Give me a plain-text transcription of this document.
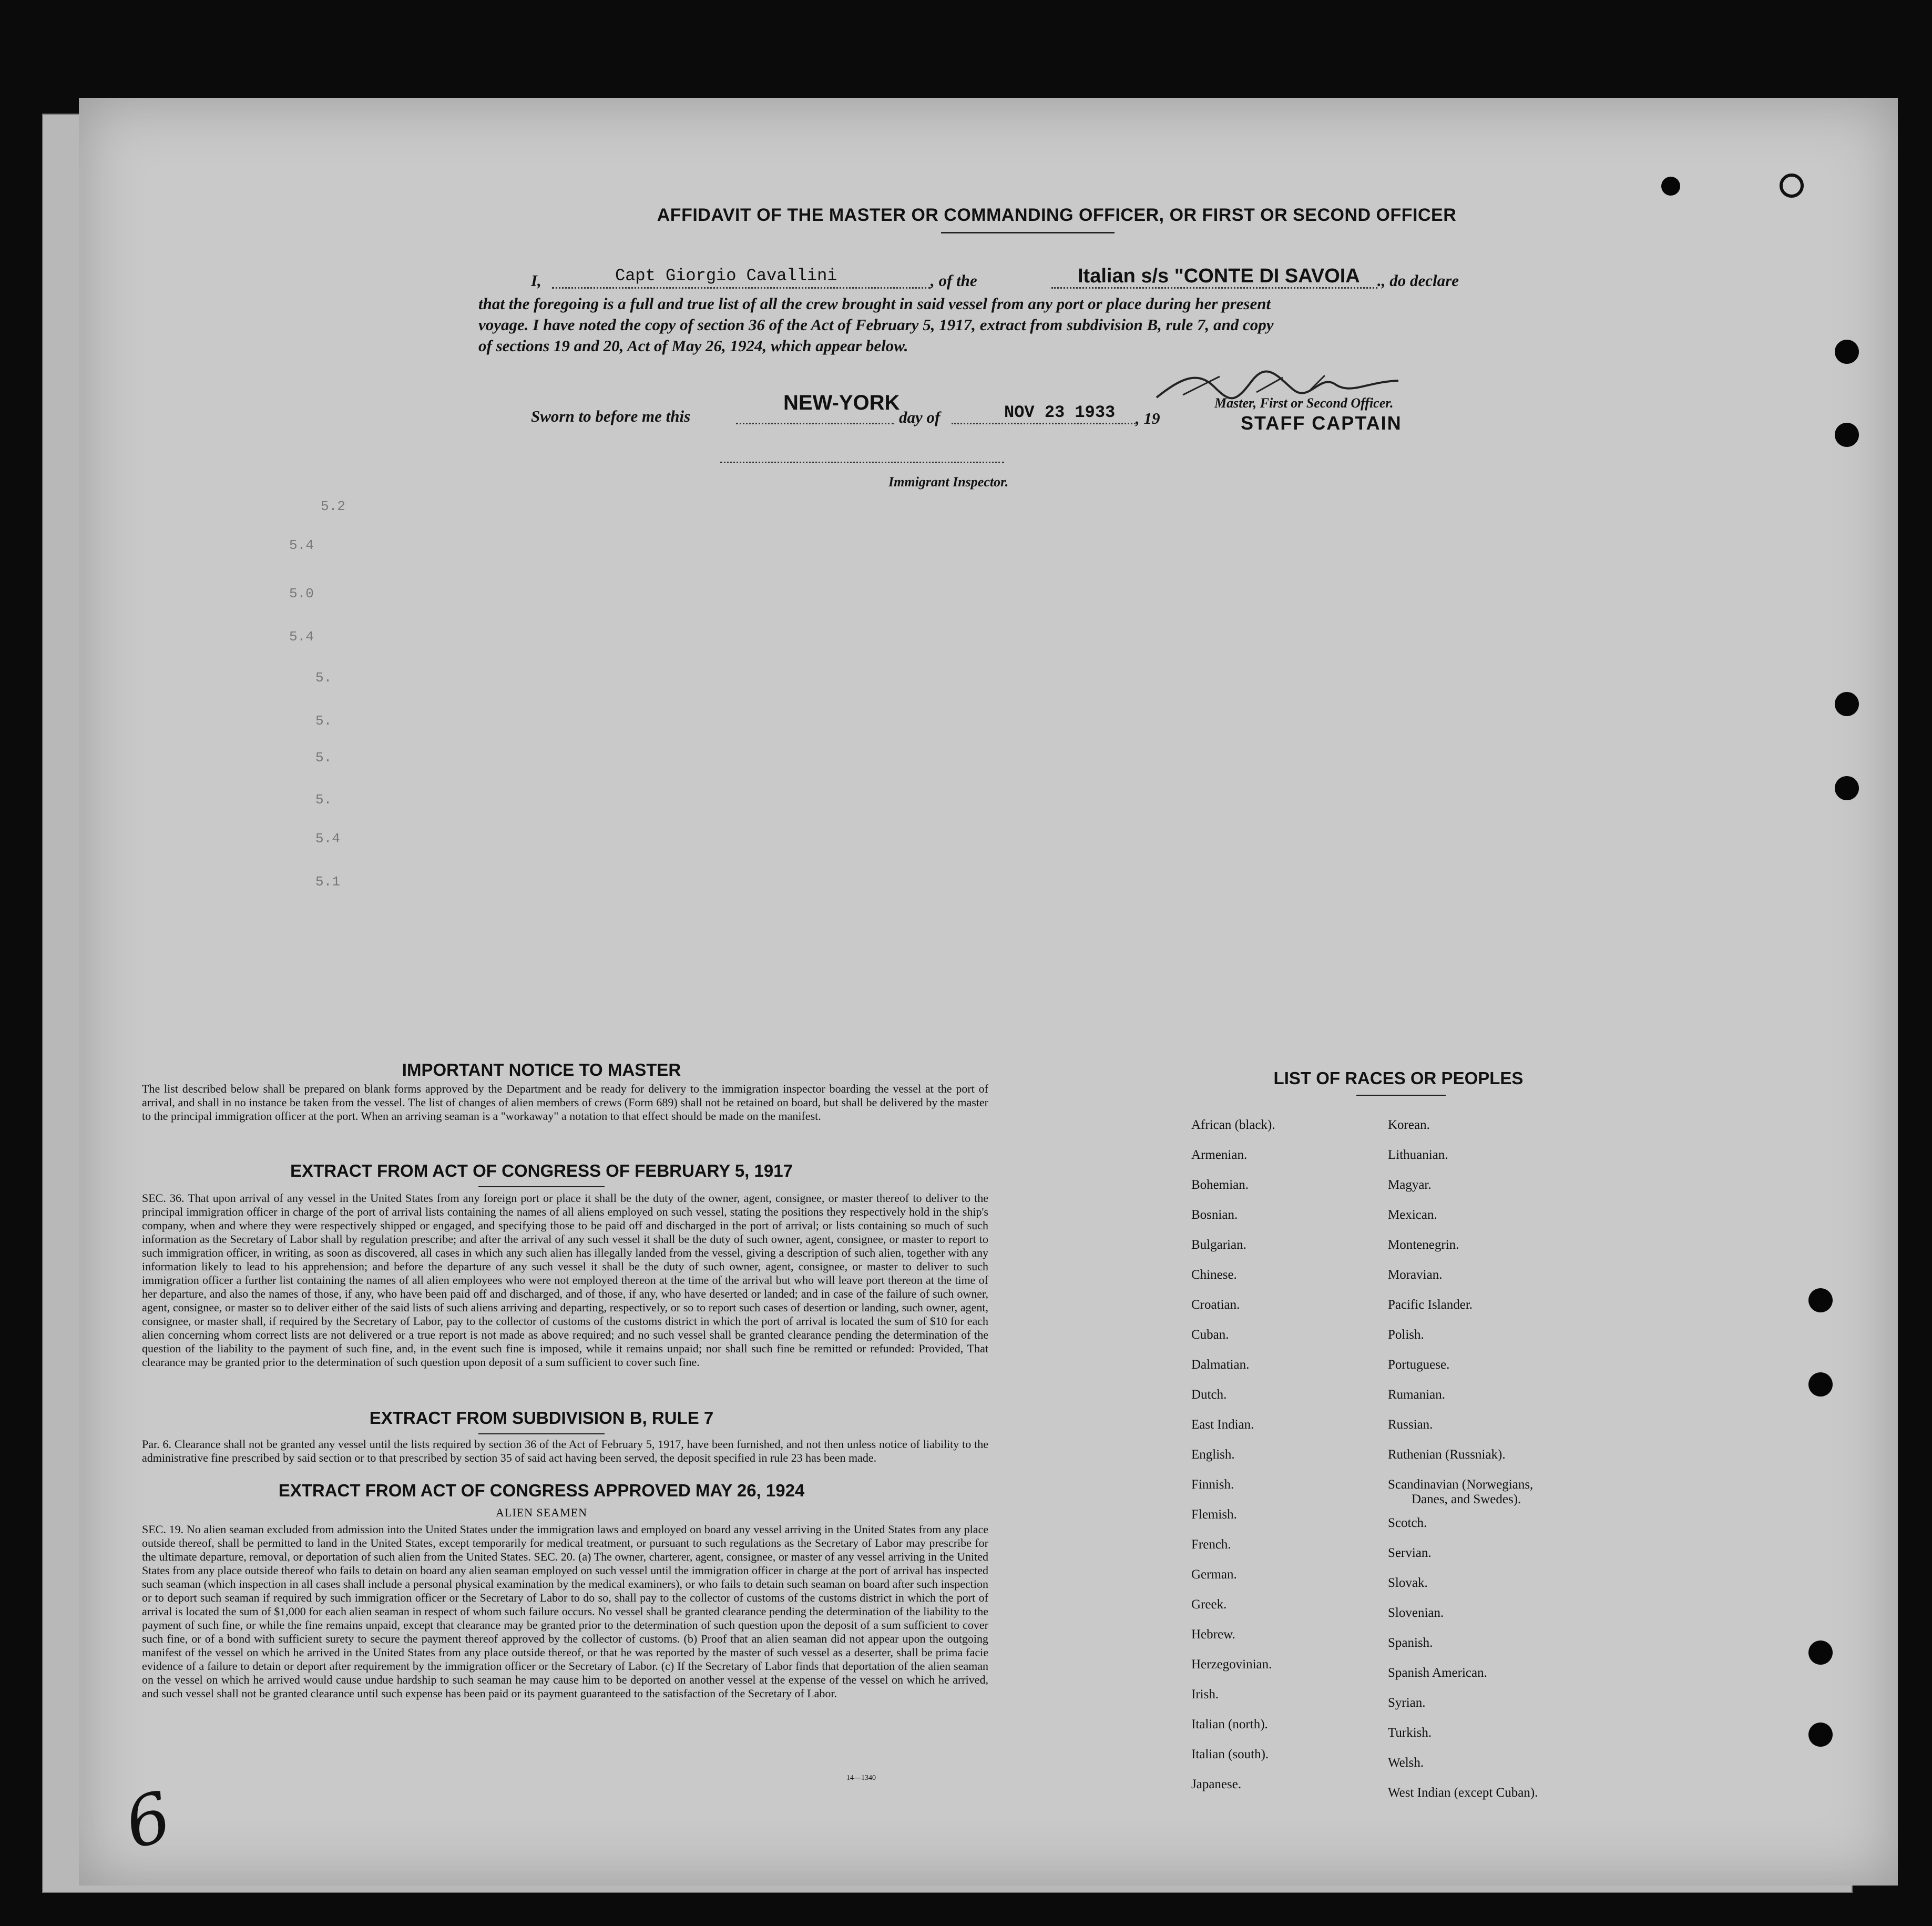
AFFIDAVIT OF THE MASTER OR COMMANDING OFFICER, OR FIRST OR SECOND OFFICER
I,	Capt Giorgio Cavallini	, of the	Italian s/s "CONTE DI SAVOIA ., do declare
that the foregoing is a full and true list of all the crew brought in said vessel from any port or place during her present
voyage. I have noted the copy of section 36 of the Act of February 5, 1917, extract from subdivision B, rule 7, and copy
of sections 19 and 20, Act of May 26, 1924, which appear below.
Sworn to before me this
NEW-YORK
day of	NOV 23 1933 , 19
Master, First or Second Officer.
STAFF CAPTAIN
Immigrant Inspector.
5.2
5.4
5.0
5.4
5.
5.
5.
5.
5.4
5.1
IMPORTANT NOTICE TO MASTER
The list described below shall be prepared on blank forms approved by the Department and be ready for delivery to the immigration inspector boarding the vessel at the port of arrival, and shall in no instance be taken from the vessel. The list of changes of alien members of crews (Form 689) shall not be retained on board, but shall be delivered by the master to the principal immigration officer at the port. When an arriving seaman is a "workaway" a notation to that effect should be made on the manifest.
EXTRACT FROM ACT OF CONGRESS OF FEBRUARY 5, 1917
SEC. 36. That upon arrival of any vessel in the United States from any foreign port or place it shall be the duty of the owner, agent, consignee, or master thereof to deliver to the principal immigration officer in charge of the port of arrival lists containing the names of all aliens employed on such vessel, stating the positions they respectively hold in the ship's company, when and where they were respectively shipped or engaged, and specifying those to be paid off and discharged in the port of arrival; or lists containing so much of such information as the Secretary of Labor shall by regulation prescribe; and after the arrival of any such vessel it shall be the duty of such owner, agent, consignee, or master to report to such immigration officer, in writing, as soon as discovered, all cases in which any such alien has illegally landed from the vessel, giving a description of such alien, together with any information likely to lead to his apprehension; and before the departure of any such vessel it shall be the duty of such owner, agent, consignee, or master to deliver to such immigration officer a further list containing the names of all alien employees who were not employed thereon at the time of the arrival but who will leave port thereon at the time of her departure, and also the names of those, if any, who have been paid off and discharged, and of those, if any, who have deserted or landed; and in case of the failure of such owner, agent, consignee, or master so to deliver either of the said lists of such aliens arriving and departing, respectively, or so to report such cases of desertion or landing, such owner, agent, consignee, or master shall, if required by the Secretary of Labor, pay to the collector of customs of the customs district in which the port of arrival is located the sum of $10 for each alien concerning whom correct lists are not delivered or a true report is not made as above required; and no such vessel shall be granted clearance pending the determination of the question of the liability to the payment of such fine, and, in the event such fine is imposed, while it remains unpaid; nor shall such fine be remitted or refunded: Provided, That clearance may be granted prior to the determination of such question upon deposit of a sum sufficient to cover such fine.
EXTRACT FROM SUBDIVISION B, RULE 7
Par. 6. Clearance shall not be granted any vessel until the lists required by section 36 of the Act of February 5, 1917, have been furnished, and not then unless notice of liability to the administrative fine prescribed by said section or to that prescribed by section 35 of said act having been served, the deposit specified in rule 23 has been made.
EXTRACT FROM ACT OF CONGRESS APPROVED MAY 26, 1924
ALIEN SEAMEN
SEC. 19. No alien seaman excluded from admission into the United States under the immigration laws and employed on board any vessel arriving in the United States from any place outside thereof, shall be permitted to land in the United States, except temporarily for medical treatment, or pursuant to such regulations as the Secretary of Labor may prescribe for the ultimate departure, removal, or deportation of such alien from the United States. SEC. 20. (a) The owner, charterer, agent, consignee, or master of any vessel arriving in the United States from any place outside thereof who fails to detain on board any alien seaman employed on such vessel until the immigration officer in charge at the port of arrival has inspected such seaman (which inspection in all cases shall include a personal physical examination by the medical examiners), or who fails to detain such seaman on board after such inspection or to deport such seaman if required by such immigration officer or the Secretary of Labor to do so, shall pay to the collector of customs of the customs district in which the port of arrival is located the sum of $1,000 for each alien seaman in respect of whom such failure occurs. No vessel shall be granted clearance pending the determination of the liability to the payment of such fine, or while the fine remains unpaid, except that clearance may be granted prior to the determination of such question upon the deposit of a sum sufficient to cover such fine, or of a bond with sufficient surety to secure the payment thereof approved by the collector of customs. (b) Proof that an alien seaman did not appear upon the outgoing manifest of the vessel on which he arrived in the United States from any place outside thereof, or that he was reported by the master of such vessel as a deserter, shall be prima facie evidence of a failure to detain or deport after requirement by the immigration officer or the Secretary of Labor. (c) If the Secretary of Labor finds that deportation of the alien seaman on the vessel on which he arrived would cause undue hardship to such seaman he may cause him to be deported on another vessel at the expense of the vessel on which he arrived, and such vessel shall not be granted clearance until such expense has been paid or its payment guaranteed to the satisfaction of the Secretary of Labor.
14—1340
6
LIST OF RACES OR PEOPLES
African (black).
Armenian.
Bohemian.
Bosnian.
Bulgarian.
Chinese.
Croatian.
Cuban.
Dalmatian.
Dutch.
East Indian.
English.
Finnish.
Flemish.
French.
German.
Greek.
Hebrew.
Herzegovinian.
Irish.
Italian (north).
Italian (south).
Japanese.
Korean.
Lithuanian.
Magyar.
Mexican.
Montenegrin.
Moravian.
Pacific Islander.
Polish.
Portuguese.
Rumanian.
Russian.
Ruthenian (Russniak).
Scandinavian (Norwegians,
Danes, and Swedes).
Scotch.
Servian.
Slovak.
Slovenian.
Spanish.
Spanish American.
Syrian.
Turkish.
Welsh.
West Indian (except Cuban).
